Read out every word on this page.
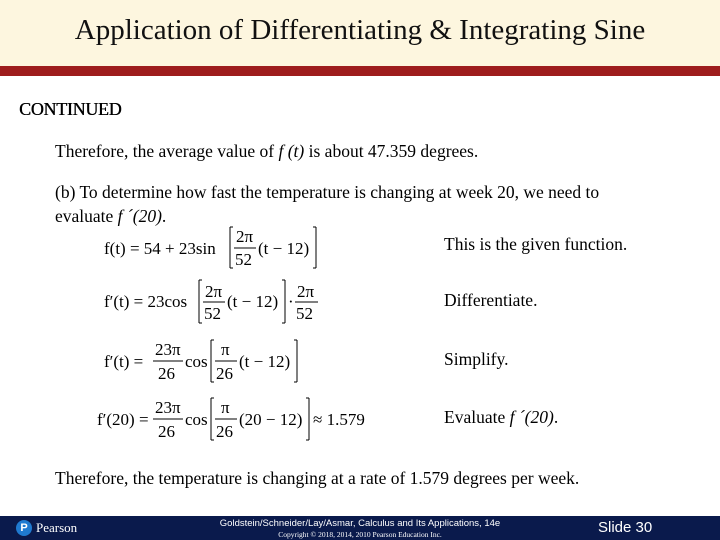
Application of Differentiating & Integrating Sine
CONTINUED
Therefore, the average value of f (t) is about 47.359 degrees.
(b) To determine how fast the temperature is changing at week 20, we need to
evaluate f ´(20).
f(t) = 54 + 23sin
2π
52
(t − 12)	This is the given function.
f′(t) = 23cos
2π
52
(t − 12) ·
2π
52
Differentiate.
f′(t) =
23π
26
cos
π
26
(t − 12)	Simplify.
f′(20) =
23π
26
cos
π
26
(20 − 12) ≈ 1.579	Evaluate f ´(20).
Therefore, the temperature is changing at a rate of 1.579 degrees per week.
P Pearson	Goldstein/Schneider/Lay/Asmar, Calculus and Its Applications, 14e
Copyright © 2018, 2014, 2010 Pearson Education Inc.	Slide 30
